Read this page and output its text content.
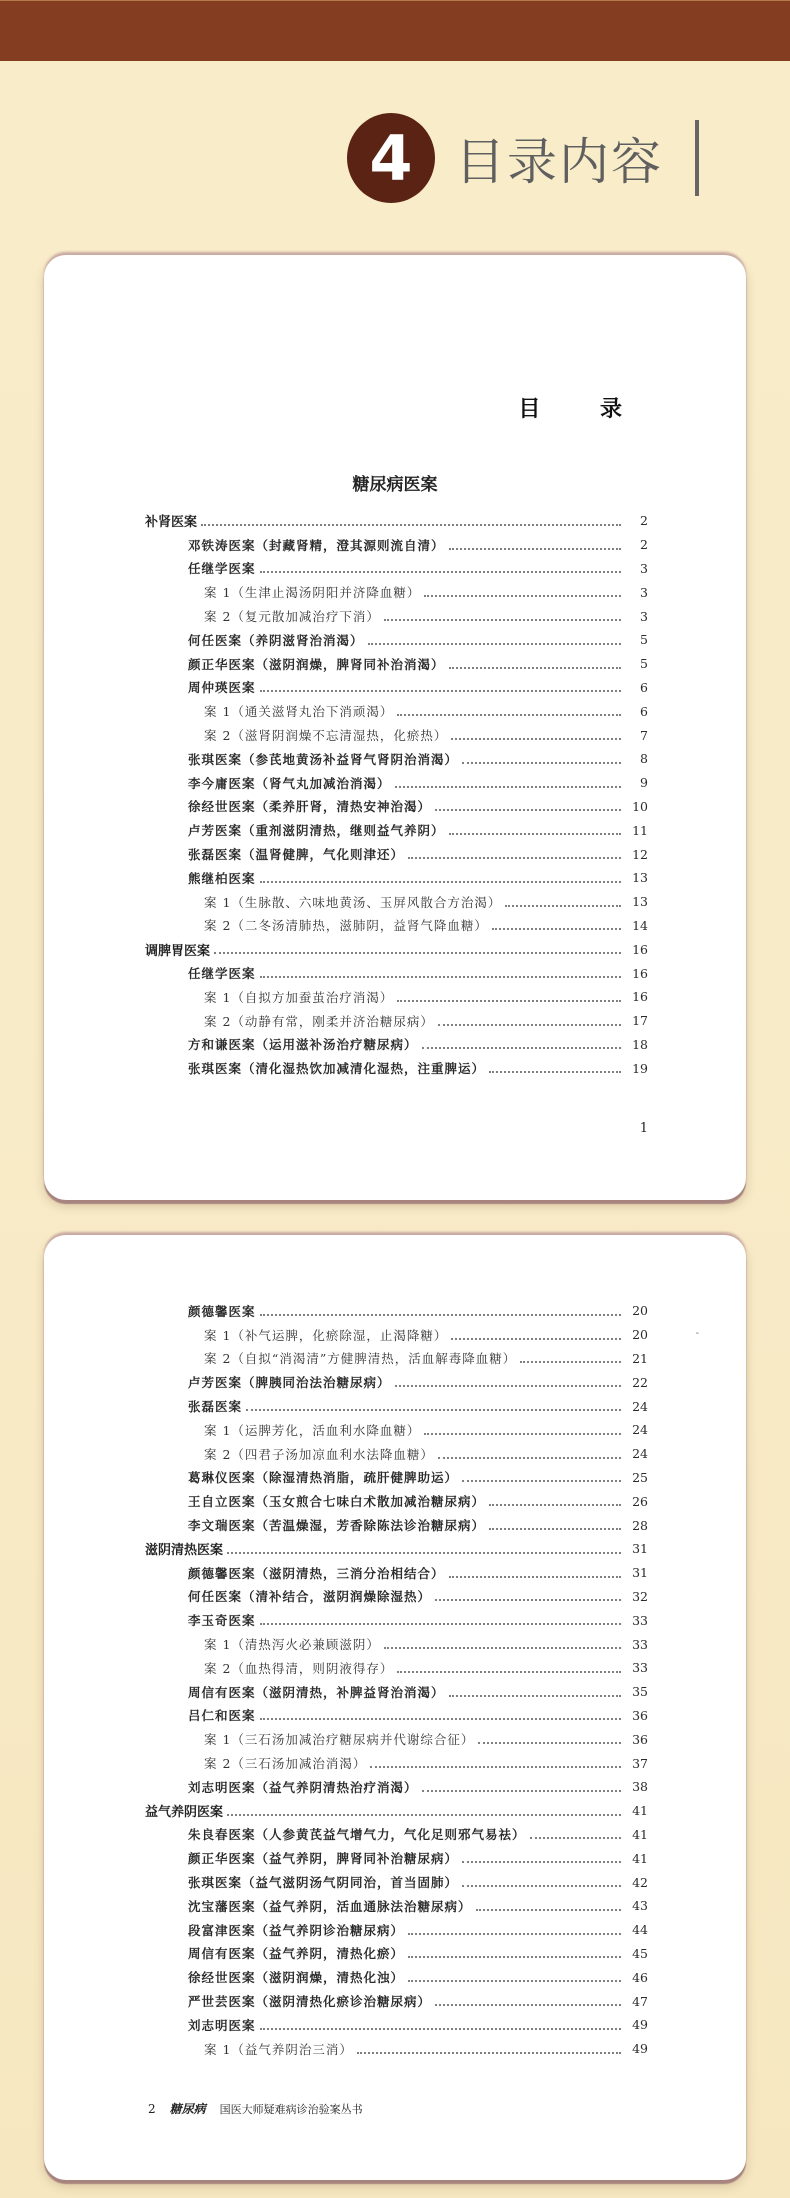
4 目录内容
目 录
糖尿病医案
补肾医案	2
邓铁涛医案（封藏肾精，澄其源则流自清）	2
任继学医案	3
案 1（生津止渴汤阴阳并济降血糖）	3
案 2（复元散加减治疗下消）	3
何任医案（养阴滋肾治消渴）	5
颜正华医案（滋阴润燥，脾肾同补治消渴）	5
周仲瑛医案	6
案 1（通关滋肾丸治下消顽渴）	6
案 2（滋肾阴润燥不忘清湿热，化瘀热）	7
张琪医案（参芪地黄汤补益肾气肾阴治消渴）	8
李今庸医案（肾气丸加减治消渴）	9
徐经世医案（柔养肝肾，清热安神治渴）	10
卢芳医案（重剂滋阴清热，继则益气养阴）	11
张磊医案（温肾健脾，气化则津还）	12
熊继柏医案	13
案 1（生脉散、六味地黄汤、玉屏风散合方治渴）	13
案 2（二冬汤清肺热，滋肺阴，益肾气降血糖）	14
调脾胃医案	16
任继学医案	16
案 1（自拟方加蚕茧治疗消渴）	16
案 2（动静有常，刚柔并济治糖尿病）	17
方和谦医案（运用滋补汤治疗糖尿病）	18
张琪医案（清化湿热饮加减清化湿热，注重脾运）	19
1
-
颜德馨医案	20
案 1（补气运脾，化瘀除湿，止渴降糖）	20
案 2（自拟“消渴清”方健脾清热，活血解毒降血糖）	21
卢芳医案（脾胰同治法治糖尿病）	22
张磊医案	24
案 1（运脾芳化，活血利水降血糖）	24
案 2（四君子汤加凉血利水法降血糖）	24
葛琳仪医案（除湿清热消脂，疏肝健脾助运）	25
王自立医案（玉女煎合七味白术散加减治糖尿病）	26
李文瑞医案（苦温燥湿，芳香除陈法诊治糖尿病）	28
滋阴清热医案	31
颜德馨医案（滋阴清热，三消分治相结合）	31
何任医案（清补结合，滋阴润燥除湿热）	32
李玉奇医案	33
案 1（清热泻火必兼顾滋阴）	33
案 2（血热得清，则阴液得存）	33
周信有医案（滋阴清热，补脾益肾治消渴）	35
吕仁和医案	36
案 1（三石汤加减治疗糖尿病并代谢综合征）	36
案 2（三石汤加减治消渴）	37
刘志明医案（益气养阴清热治疗消渴）	38
益气养阴医案	41
朱良春医案（人参黄芪益气增气力，气化足则邪气易祛）	41
颜正华医案（益气养阴，脾肾同补治糖尿病）	41
张琪医案（益气滋阴汤气阴同治，首当固肺）	42
沈宝藩医案（益气养阴，活血通脉法治糖尿病）	43
段富津医案（益气养阴诊治糖尿病）	44
周信有医案（益气养阴，清热化瘀）	45
徐经世医案（滋阴润燥，清热化浊）	46
严世芸医案（滋阴清热化瘀诊治糖尿病）	47
刘志明医案	49
案 1（益气养阴治三消）	49
2 糖尿病 国医大师疑难病诊治验案丛书
